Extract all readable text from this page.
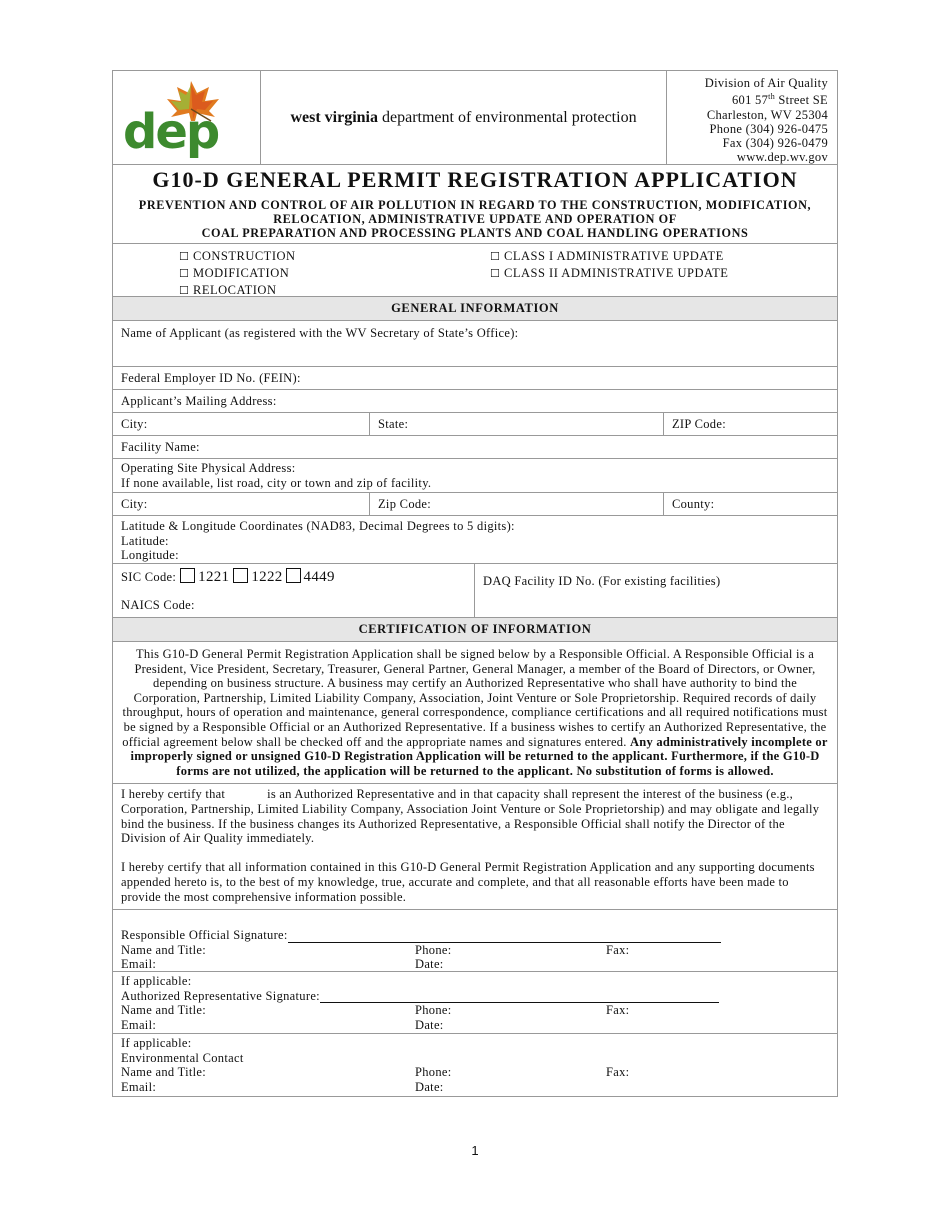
dep	west virginia department of environmental protection
Division of Air Quality
601 57th Street SE
Charleston, WV 25304
Phone (304) 926-0475
Fax (304) 926-0479
www.dep.wv.gov
G10-D GENERAL PERMIT REGISTRATION APPLICATION
PREVENTION AND CONTROL OF AIR POLLUTION IN REGARD TO THE CONSTRUCTION, MODIFICATION,
RELOCATION, ADMINISTRATIVE UPDATE AND OPERATION OF
COAL PREPARATION AND PROCESSING PLANTS AND COAL HANDLING OPERATIONS
☐ CONSTRUCTION
☐ MODIFICATION
☐ RELOCATION
☐ CLASS I ADMINISTRATIVE UPDATE
☐ CLASS II ADMINISTRATIVE UPDATE
GENERAL INFORMATION
Name of Applicant (as registered with the WV Secretary of State’s Office):
Federal Employer ID No. (FEIN):
Applicant’s Mailing Address:
City:	State:	ZIP Code:
Facility Name:
Operating Site Physical Address:
If none available, list road, city or town and zip of facility.
City:	Zip Code:	County:
Latitude & Longitude Coordinates (NAD83, Decimal Degrees to 5 digits):
Latitude:
Longitude:
SIC Code: 1221 1222 4449
NAICS Code:
DAQ Facility ID No. (For existing facilities)
CERTIFICATION OF INFORMATION
This G10-D General Permit Registration Application shall be signed below by a Responsible Official. A Responsible Official is a President, Vice President, Secretary, Treasurer, General Partner, General Manager, a member of the Board of Directors, or Owner, depending on business structure. A business may certify an Authorized Representative who shall have authority to bind the Corporation, Partnership, Limited Liability Company, Association, Joint Venture or Sole Proprietorship. Required records of daily throughput, hours of operation and maintenance, general correspondence, compliance certifications and all required notifications must be signed by a Responsible Official or an Authorized Representative. If a business wishes to certify an Authorized Representative, the official agreement below shall be checked off and the appropriate names and signatures entered. Any administratively incomplete or improperly signed or unsigned G10-D Registration Application will be returned to the applicant. Furthermore, if the G10-D forms are not utilized, the application will be returned to the applicant. No substitution of forms is allowed.
I hereby certify that	is an Authorized Representative and in that capacity shall represent the interest of the business (e.g., Corporation, Partnership, Limited Liability Company, Association Joint Venture or Sole Proprietorship) and may obligate and legally bind the business. If the business changes its Authorized Representative, a Responsible Official shall notify the Director of the Division of Air Quality immediately.
I hereby certify that all information contained in this G10-D General Permit Registration Application and any supporting documents appended hereto is, to the best of my knowledge, true, accurate and complete, and that all reasonable efforts have been made to provide the most comprehensive information possible.
Responsible Official Signature:
Name and Title:	Phone:	Fax:
Email:	Date:
If applicable:
Authorized Representative Signature:
Name and Title:	Phone:	Fax:
Email:	Date:
If applicable:
Environmental Contact
Name and Title:	Phone:	Fax:
Email:	Date:
1
